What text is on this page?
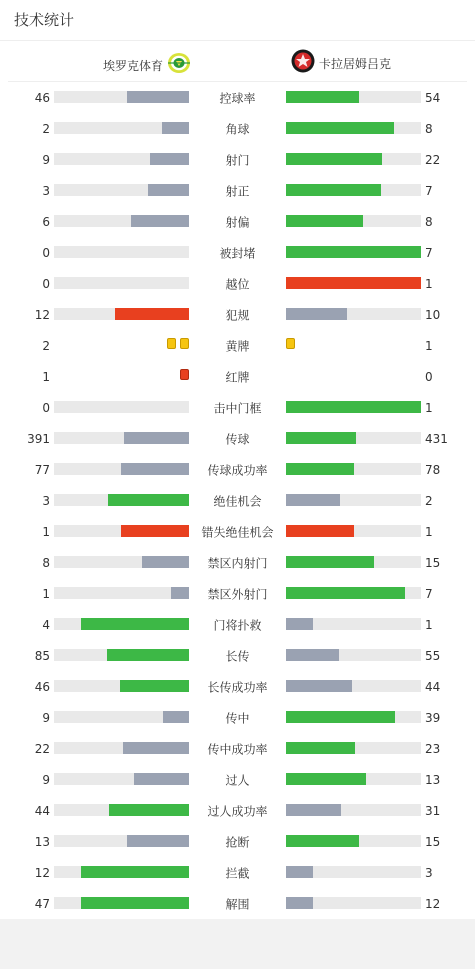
技术统计
埃罗克体育	卡拉居姆吕克
46	控球率	54
2	角球	8
9	射门	22
3	射正	7
6	射偏	8
0	被封堵	7
0	越位	1
12	犯规	10
2	黄牌	1
1	红牌	0
0	击中门框	1
391	传球	431
77	传球成功率	78
3	绝佳机会	2
1	错失绝佳机会	1
8	禁区内射门	15
1	禁区外射门	7
4	门将扑救	1
85	长传	55
46	长传成功率	44
9	传中	39
22	传中成功率	23
9	过人	13
44	过人成功率	31
13	抢断	15
12	拦截	3
47	解围	12
